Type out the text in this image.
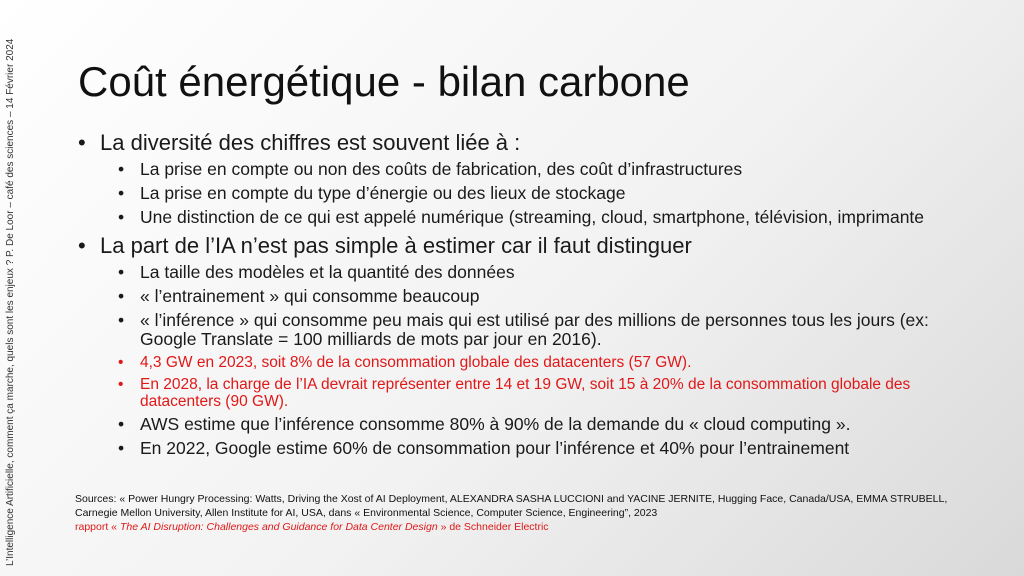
L’Intelligence Artificielle, comment ça marche, quels sont les enjeux ? P. De Loor – café des sciences – 14 Février 2024 Coût énergétique - bilan carbone
• La diversité des chiffres est souvent liée à :
• La prise en compte ou non des coûts de fabrication, des coût d’infrastructures
• La prise en compte du type d’énergie ou des lieux de stockage
• Une distinction de ce qui est appelé numérique (streaming, cloud, smartphone, télévision, imprimante
• La part de l’IA n’est pas simple à estimer car il faut distinguer
• La taille des modèles et la quantité des données
• « l’entrainement » qui consomme beaucoup
• « l’inférence » qui consomme peu mais qui est utilisé par des millions de personnes tous les jours (ex: Google Translate = 100 milliards de mots par jour en 2016).
• 4,3 GW en 2023, soit 8% de la consommation globale des datacenters (57 GW).
• En 2028, la charge de l’IA devrait représenter entre 14 et 19 GW, soit 15 à 20% de la consommation globale des datacenters (90 GW).
• AWS estime que l’inférence consomme 80% à 90% de la demande du « cloud computing ».
• En 2022, Google estime 60% de consommation pour l’inférence et 40% pour l’entrainement
Sources: « Power Hungry Processing: Watts, Driving the Xost of AI Deployment, ALEXANDRA SASHA LUCCIONI and YACINE JERNITE, Hugging Face, Canada/USA, EMMA STRUBELL, Carnegie Mellon University, Allen Institute for AI, USA, dans « Environmental Science, Computer Science, Engineering”, 2023
rapport « The AI Disruption: Challenges and Guidance for Data Center Design » de Schneider Electric
